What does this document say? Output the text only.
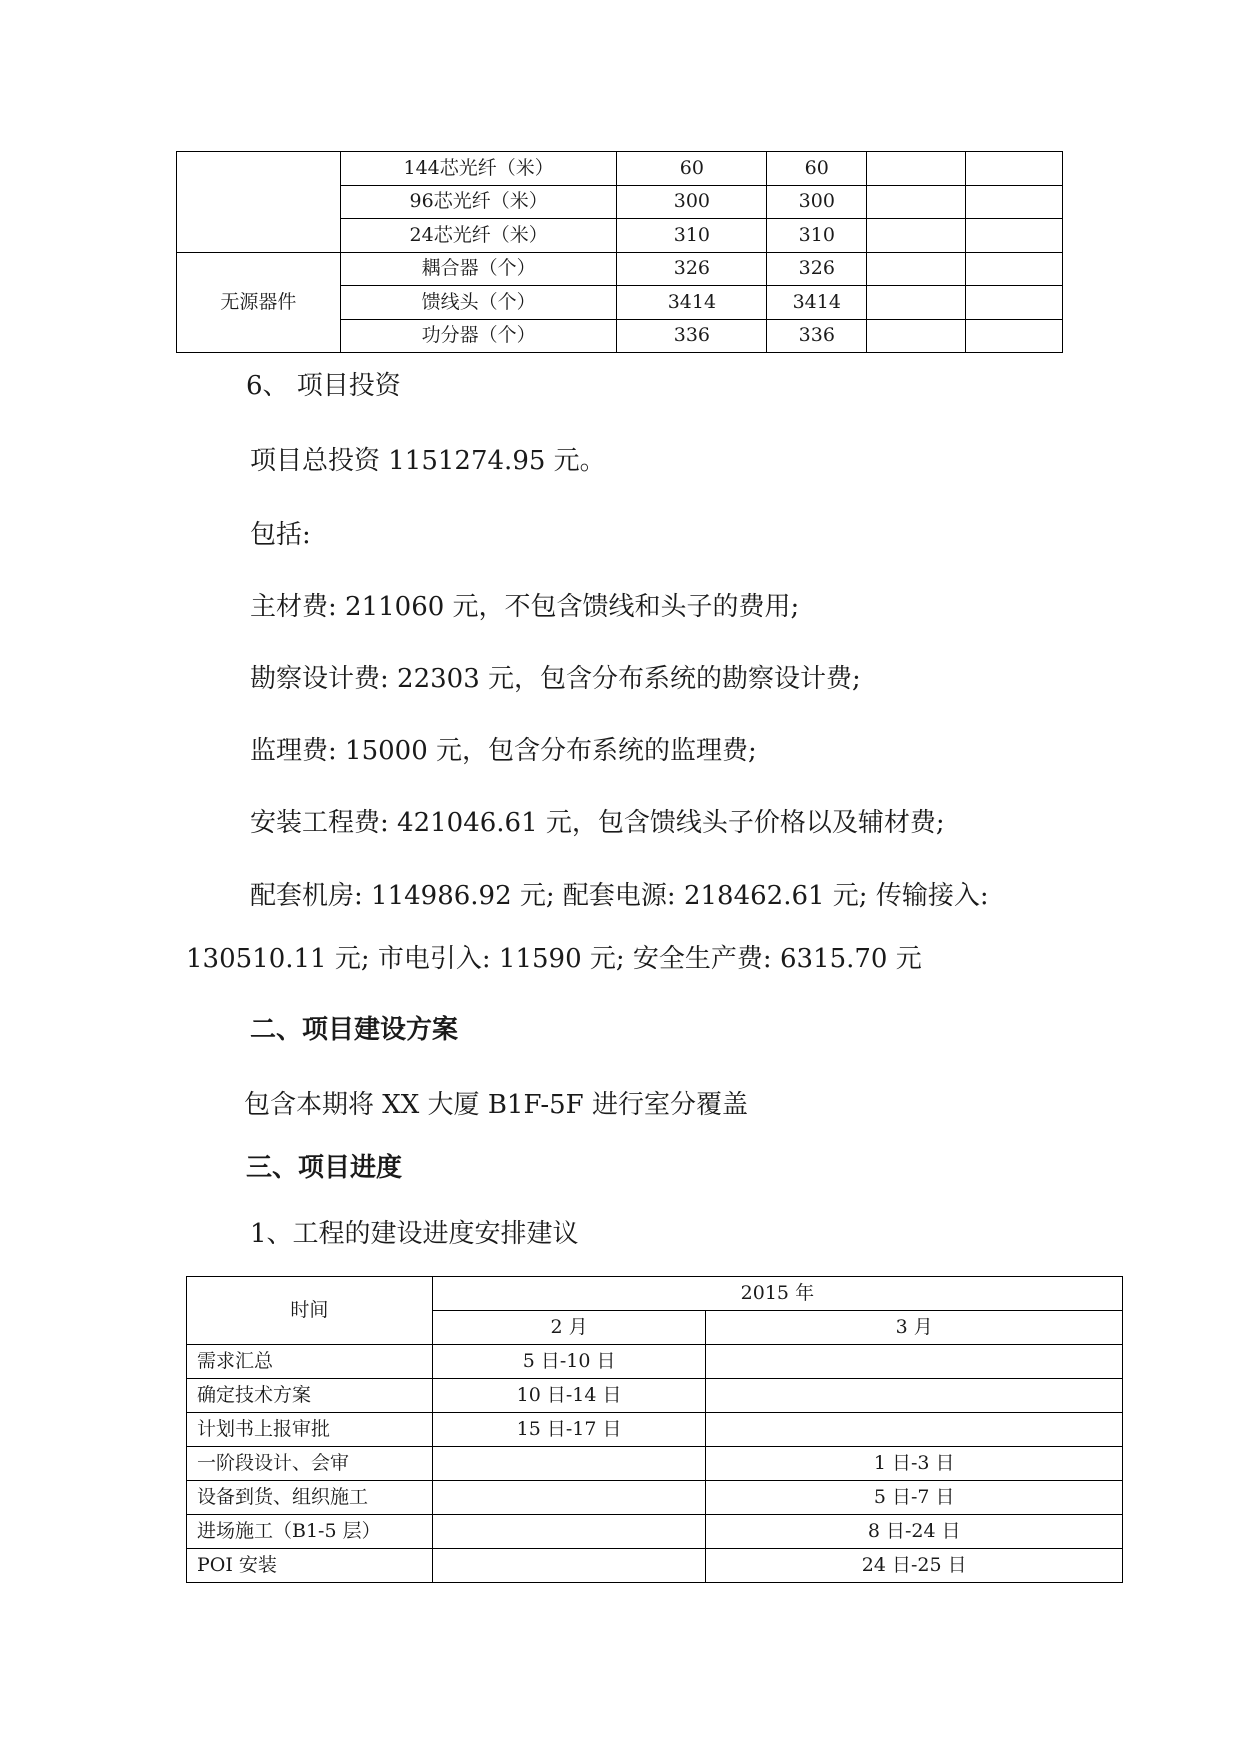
	144芯光纤（米）	60	60		
	96芯光纤（米）	300	300		
	24芯光纤（米）	310	310		
无源器件	耦合器（个）	326	326		
	馈线头（个）	3414	3414		
	功分器（个）	336	336		
6、 项目投资
项目总投资 1151274.95 元。
包括:
主材费: 211060 元，不包含馈线和头子的费用;
勘察设计费: 22303 元，包含分布系统的勘察设计费;
监理费: 15000 元，包含分布系统的监理费;
安装工程费: 421046.61 元，包含馈线头子价格以及辅材费;
配套机房: 114986.92 元; 配套电源: 218462.61 元; 传输接入:
130510.11 元; 市电引入: 11590 元; 安全生产费: 6315.70 元
二、项目建设方案
包含本期将 XX 大厦 B1F-5F 进行室分覆盖
三、项目进度
1、工程的建设进度安排建议
时间	2015 年	
	2 月	3 月
需求汇总	5 日-10 日	
确定技术方案	10 日-14 日	
计划书上报审批	15 日-17 日	
一阶段设计、会审		1 日-3 日
设备到货、组织施工		5 日-7 日
进场施工（B1-5 层）		8 日-24 日
POI 安装		24 日-25 日
